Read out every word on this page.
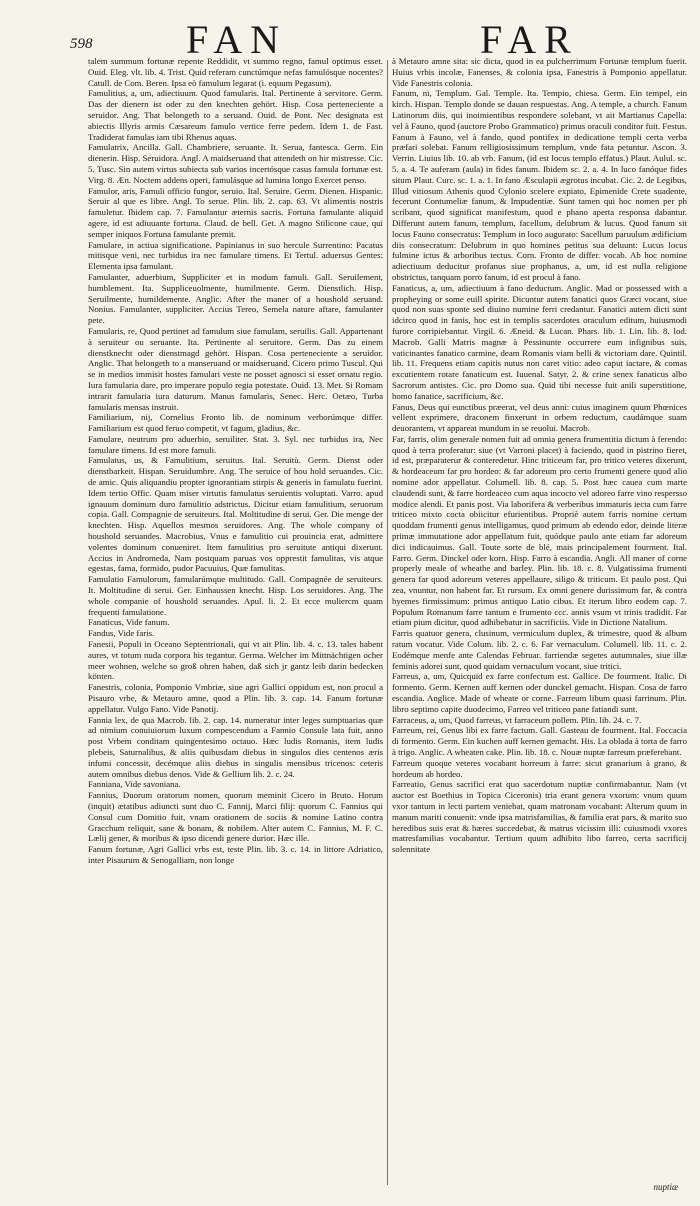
598 FAN	FAR

talem summum fortunæ repente Reddidit, vt summo regno, famul optimus esset. Ouid. Eleg. vlt. lib. 4. Trist. Quid referam cunctúmque nefas famulósque nocentes? Catull. de Com. Beren. Ipsa eò famulum legarat (i. equum Pegasum).

Famulitius, a, um, adiectiuum. Quod famularis. Ital. Pertinente à servitore. Germ. Das der dienern ist oder zu den knechten gehört. Hisp. Cosa perteneciente a seruidor. Ang. That belongeth to a seruand. Ouid. de Pont. Nec designata est abiectis Illyris armis Cæsareum famulo vertice ferre pedem. Idem 1. de Fast. Tradiderat famulas iam tibi Rhenus aquas.

Famulatrix, Ancilla. Gall. Chambriere, seruante. It. Serua, fantesca. Germ. Ein dienerin. Hisp. Seruidora. Angl. A maidseruand that attendeth on hir mistresse. Cic. 5. Tusc. Sin autem virtus subiecta sub varios incertósque casus famula fortunæ est. Virg. 8. Æn. Noctem addens operi, famulásque ad lumina longo Exercet penso.

Famulor, aris, Famuli officio fungor, seruio. Ital. Seruire. Germ. Dienen. Hispanic. Seruir al que es libre. Angl. To serue. Plin. lib. 2. cap. 63. Vt alimentis nostris famuletur. Ibidem cap. 7. Famulantur æternis sacris. Fortuna famulante aliquid agere, id est adiuuante fortuna. Claud. de bell. Get. A magno Stilicone caue, qui semper iniquos Fortuna famulante premit.

Famulare, in actiua significatione. Papinianus in suo hercule Surrentino: Pacatus mitisque veni, nec turbidus ira nec famulare timens. Et Tertul. aduersus Gentes: Elementa ipsa famulant.

Famulanter, aduerbium, Suppliciter et in modum famuli. Gall. Seruilement, humblement. Ita. Suppliceuolmente, humilmente. Germ. Dienstlich. Hisp. Seruilmente, humildemente. Anglic. After the maner of a houshold seruand. Nonius. Famulanter, suppliciter. Accius Tereo, Semela nature aftare, famulanter pete.

Famularis, re, Quod pertinet ad famulum siue famulam, seruilis. Gall. Appartenant à seruiteur ou seruante. Ita. Pertinente al seruitore. Germ. Das zu einem dienstknecht oder dienstmagd gehört. Hispan. Cosa perteneciente a seruidor. Anglic. That belongeth to a manseruand or maidseruand. Cicero primo Tuscul. Qui se in medios immisit hostes famulari veste ne posset agnosci si esset ornatu regio. Iura famularia dare, pro imperare populo regia potestate. Ouid. 13. Met. Si Romam intrarit famularia iura daturum. Manus famularis, Senec. Herc. Oetæo, Turba famularis mensas instruit.

Familiarium, nij, Cornelius Fronto lib. de nominum verborúmque differ. Familiarium est quod feruo competit, vt fagum, gladius, &c.

Famulare, neutrum pro aduerbio, seruiliter. Stat. 3. Syl. nec turbidus ira, Nec famulare timens. Id est more famuli.

Famulatus, us, & Famulitium, seruitus. Ital. Seruitù. Germ. Dienst oder dienstbarkeit. Hispan. Seruidumbre. Ang. The seruice of hou hold seruandes. Cic. de amic. Quis aliquandiu propter ignorantiam stirpis & generis in famulatu fuerint. Idem tertio Offic. Quam miser virtutis famulatus seruientis voluptati. Varro. apud ignauum dominum duro famulitio adstrictus. Dicitur etiam famulitium, seruorum copia. Gall. Compagnie de seruiteurs. Ital. Moltitudine di serui. Ger. Die menge der knechten. Hisp. Aquellos mesmos seruidores. Ang. The whole company of houshold seruandes. Macrobius, Vnus e famulitio cui prouincia erat, admittere volentes dominum conueniret. Item famulitius pro seruitute antiqui dixerunt. Accius in Andromeda, Nam postquam paruas vos opprestit famulitas, vis atque egestas, fama, formido, pudor Pacuuius, Quæ famulitas.

Famulatio Famulorum, famularúmque multitudo. Gall. Compagnée de seruiteurs. It. Moltitudine di serui. Ger. Einhaussen knecht. Hisp. Los seruidores. Ang. The whole companie of houshold seruandes. Apul. li. 2. Et ecce muliercm quam frequenti famulatione.

Fanaticus, Vide fanum.

Fandus, Vide faris.

Fanesii, Populi in Oceano Septentrionali, qui vt ait Plin. lib. 4. c. 13. tales habent aures, vt totum nuda corpora his tegantur. Germa. Welcher im Mittnächtigen ocher meer wohnen, welche so groß ohren haben, daß sich jr gantz leib darin bedecken könten.

Fanestris, colonia, Pomponio Vmbriæ, siue agri Gallici oppidum est, non procul a Pisauro vrbe, & Metauro amne, quod a Plin. lib. 3. cap. 14. Fanum fortunæ appellatur. Vulgo Fano. Vide Panotij.

Fannia lex, de qua Macrob. lib. 2. cap. 14. numeratur inter leges sumptuarias quæ ad nimium conuiuiorum luxum compescendum a Fannio Consule lata fuit, anno post Vrbem conditam quingentesimo octauo. Hæc ludis Romanis, item ludis plebeis, Saturnalibus, & aliis quibusdam diebus in singulos dies centenos æris infumi concessit, decémque aliis diebus in singulis mensibus tricenos: ceteris autem omnibus diebus denos. Vide & Gellium lib. 2. c. 24.

Fanniana, Vide savoniana.

Fannius, Duorum oratorum nomen, quorum meminit Cicero in Bruto. Horum (inquit) ætatibus adiuncti sunt duo C. Fannij, Marci filij: quorum C. Fannius qui Consul cum Domitio fuit, vnam orationem de sociis & nomine Latino contra Gracchum reliquit, sane & bonam, & nobilem. Alter autem C. Fannius, M. F. C. Lælij gener, & moribus & ipso dicendi genere durior. Hæc ille.

Fanum fortunæ, Agri Gallici vrbs est, teste Plin. lib. 3. c. 14. in littore Adriatico, inter Pisaurum & Senogalliam, non longe

à Metauro amne sita: sic dicta, quod in ea pulcherrimum Fortunæ templum fuerit. Huius vrbis incolæ, Fanenses, & colonia ipsa, Fanestris à Pomponio appellatur. Vide Fanestris colonia.

Fanum, ni, Templum. Gal. Temple. Ita. Tempio, chiesa. Germ. Ein tempel, ein kirch. Hispan. Templo donde se dauan respuestas. Ang. A temple, a church. Fanum Latinorum diis, qui inoimientibus respondere solebant, vt ait Martianus Capella: vel à Fauno, quod (auctore Probo Grammatico) primus oraculi conditor fuit. Festus. Fanum à Fauno, vel à fando, quod pontifex in dedicatione templi certa verba præfari solebat. Fanum relligiosissimum templum, vnde fata petuntur. Ascon. 3. Verrin. Liuius lib. 10. ab vrb. Fanum, (id est locus templo effatus.) Plaut. Aulul. sc. 5. a. 4. Te auferam (aula) in fides fanum. Ibidem sc. 2. a. 4. In luco fanóque fides situm Plaut. Curc. sc. 1. a. 1. In fano Æsculapii ægrotus incubat. Cic. 2. de Legibus, Illud vitiosum Athenis quod Cylonio scelere expiato, Epimenide Crete suadente, fecerunt Contumeliæ fanum, & Impudentiæ. Sunt tamen qui hoc nomen per ph scribant, quod significat manifestum, quod e phano aperta responsa dabantur. Differunt autem fanum, templum, facellum, delubrum & lucus. Quod fanum sit locus Fauno consecratus: Templum in loco augurato: Sacellum paruulum ædificium diis consecratum: Delubrum in quo homines petitus sua deluunt: Lucus locus fulmine ictus & arboribus tectus. Corn. Fronto de differ. vocab. Ab hoc nomine adiectiuum deducitur profanus siue prophanus, a, um, id est nulla religione obstrictus, tanquam porro fanum, id est procul à fano.

Fanaticus, a, um, adiectiuum à fano deductum. Anglic. Mad or possessed with a propheying or some euill spirite. Dicuntur autem fanatici quos Græci vocant, siue quod non suas sponte sed diuino numine ferri credantur. Fanatici autem dicti sunt idcirco quod in fanis, hoc est in templis sacerdotes oraculum editum, huiusmodi furore corripiebantur. Virgil. 6. Æneid. & Lucan. Phars. lib. 1. Lin. lib. 8. lod. Macrob. Galli Matris magnæ à Pessinunte occurrere eum infignibus suis, vaticinantes fanatico carmine, deam Romanis viam belli & victoriam dare. Quintil. lib. 11. Frequens etiam capitis nutus non caret vitio: adeo caput iactare, & comas excutientem rotare fanaticum est. Iuuenal. Satyr. 2. & crine senex fanaticus albo Sacrorum antistes. Cic. pro Domo sua. Quid tibi necesse fuit anili superstitione, homo fanatice, sacrificium, &c.

Fanus, Deus qui eunctibus præerat, vel deus anni: cuius imaginem quum Phœnices vellent exprimere, draconem finxerunt in orbem reductum, caudámque suam deuorantem, vt appareat mundum in se reuolui. Macrob.

Far, farris, olim generale nomen fuit ad omnia genera frumentitia dictum à ferendo: quod à terra proferatur: siue (vt Varroni placet) à faciendo, quod in pistrino fieret, id est, præparaterur & conteredetur. Hinc triticeum far, pro tritico veteres dixerunt, & hordeaceum far pro hordeo: & far adoreum pro certo frumenti genere quod alio nomine ador appellatur. Columell. lib. 8. cap. 5. Post hæc cauea cum marte claudendi sunt, & farre hordeaceo cum aqua incocto vel adoreo farre vino respersso modice alendi. Et panis post. Via laborifera & verberibus immaturis iecta cum farre triticeo mixto cocta obiicitur efurientibus. Propriè autem farris nomine certum quoddam frumenti genus intelligamus, quod primum ab edendo edor, deinde literæ primæ immutatione ador appellatum fuit, quódque paulo ante etiam far adoreum dici indicauimus. Gall. Toute sorte de blé, mais principalement fourment. Ital. Farro. Germ. Dinckel oder korn. Hisp. Farro à escandia. Angli. All maner of corne properly meale of wheathe and barley. Plin. lib. 18. c. 8. Vulgatissima frumenti genera far quod adoreum veteres appellaure, siligo & triticum. Et paulo post. Qui zea, vnuntur, non habent far. Et rursum. Ex omni genere durissimum far, & contra hyemes firmissimum: primus antiquo Latio cibus. Et iterum libro eodem cap. 7. Populum Romanum farre tantum e frumento ccc. annis vsum vt trinis tradidit. Far etiam pium dicitur, quod adhibebatur in sacrificiis. Vide in Dictione Natalium.

Farris quatuor genera, clusinum, vermiculum duplex, & trimestre, quod & album ratum vocatur. Vide Colum. lib. 2. c. 6. Far vernaculum. Columell. lib. 11. c. 2. Eodémque menfe ante Calendas Februar. farriendæ segetes autumnales, siue illæ feminis adorei sunt, quod quidam vernaculum vocant, siue tritici.

Farreus, a, um, Quicquid ex farre confectum est. Gallice. De fourment. Italic. Di formento. Germ. Kernen auff kernen oder dunckel gemacht. Hispan. Cosa de farro escandia. Anglice. Made of wheate or corne. Farreum libum quasi farrinum. Plin. libro septimo capite duodecimo, Farreo vel triticeo pane fatiandi sunt.

Farraceus, a, um, Quod farreus, vt farraceum pollem. Plin. lib. 24. c. 7.

Farreum, rei, Genus libi ex farre factum. Gall. Gasteau de fourment. Ital. Foccacia di formento. Germ. Ein kuchen auff kernen gemacht. His. La oblada à torta de farro à trigo. Anglic. A wheaten cake. Plin. lib. 18. c. Nouæ nuptæ farreum præferebant.

Farreum quoque veteres vocabant horreum à farre: sicut granarium à grano, & hordeum ab hordeo.

Farreatio, Genus sacrifici erat quo sacerdotum nuptiæ confirmabantur. Nam (vt auctor est Boethius in Topica Ciceronis) tria erant genera vxorum: vnum quum vxor tantum in lecti partem veniebat, quam matronam vocabant: Alterum quum in manum mariti conuenit: vnde ipsa matrisfamilias, & familia erat pars, & marito suo heredibus suis erat & hæres succedebat, & matrus vicissim illi: cuiusmodi vxores matresfamilias vocabantur. Tertium quum adhibito libo farreo, certa sacrificij solennitate

nuptiæ
